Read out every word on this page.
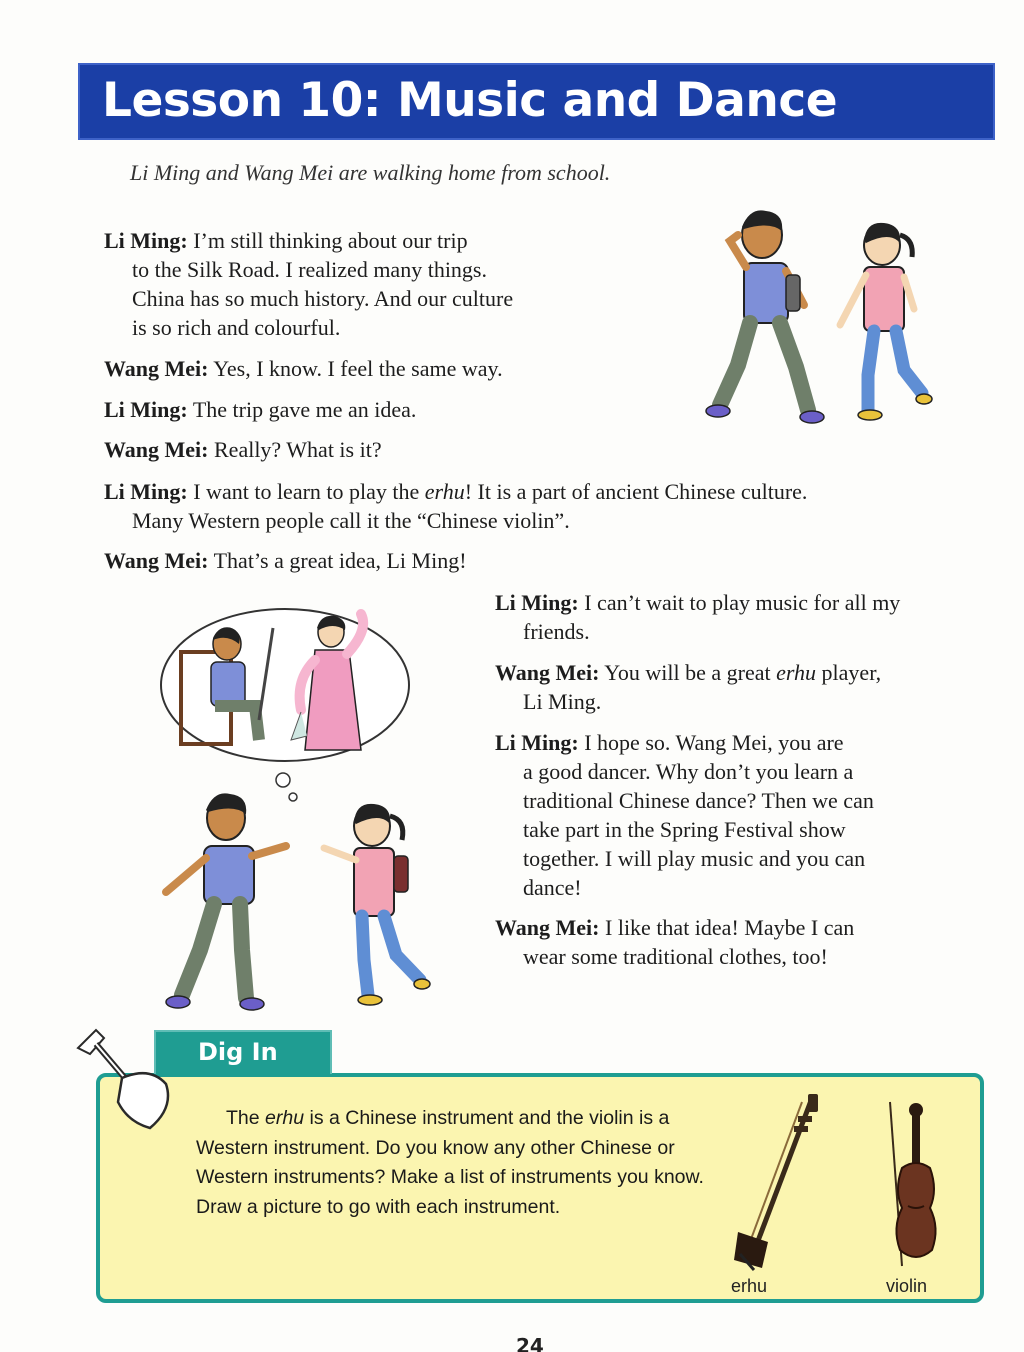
Lesson 10: Music and Dance
Li Ming and Wang Mei are walking home from school.
Li Ming: I’m still thinking about our trip
to the Silk Road. I realized many things.
China has so much history. And our culture
is so rich and colourful.
Wang Mei: Yes, I know. I feel the same way.
Li Ming: The trip gave me an idea.
Wang Mei: Really? What is it?
Li Ming: I want to learn to play the erhu! It is a part of ancient Chinese culture.
Many Western people call it the “Chinese violin”.
Wang Mei: That’s a great idea, Li Ming!
Li Ming: I can’t wait to play music for all my
friends.
Wang Mei: You will be a great erhu player,
Li Ming.
Li Ming: I hope so. Wang Mei, you are
a good dancer. Why don’t you learn a
traditional Chinese dance? Then we can
take part in the Spring Festival show
together. I will play music and you can
dance!
Wang Mei: I like that idea! Maybe I can
wear some traditional clothes, too!
Dig In
The erhu is a Chinese instrument and the violin is a Western instrument. Do you know any other Chinese or Western instruments? Make a list of instruments you know. Draw a picture to go with each instrument.
erhu	violin
24
